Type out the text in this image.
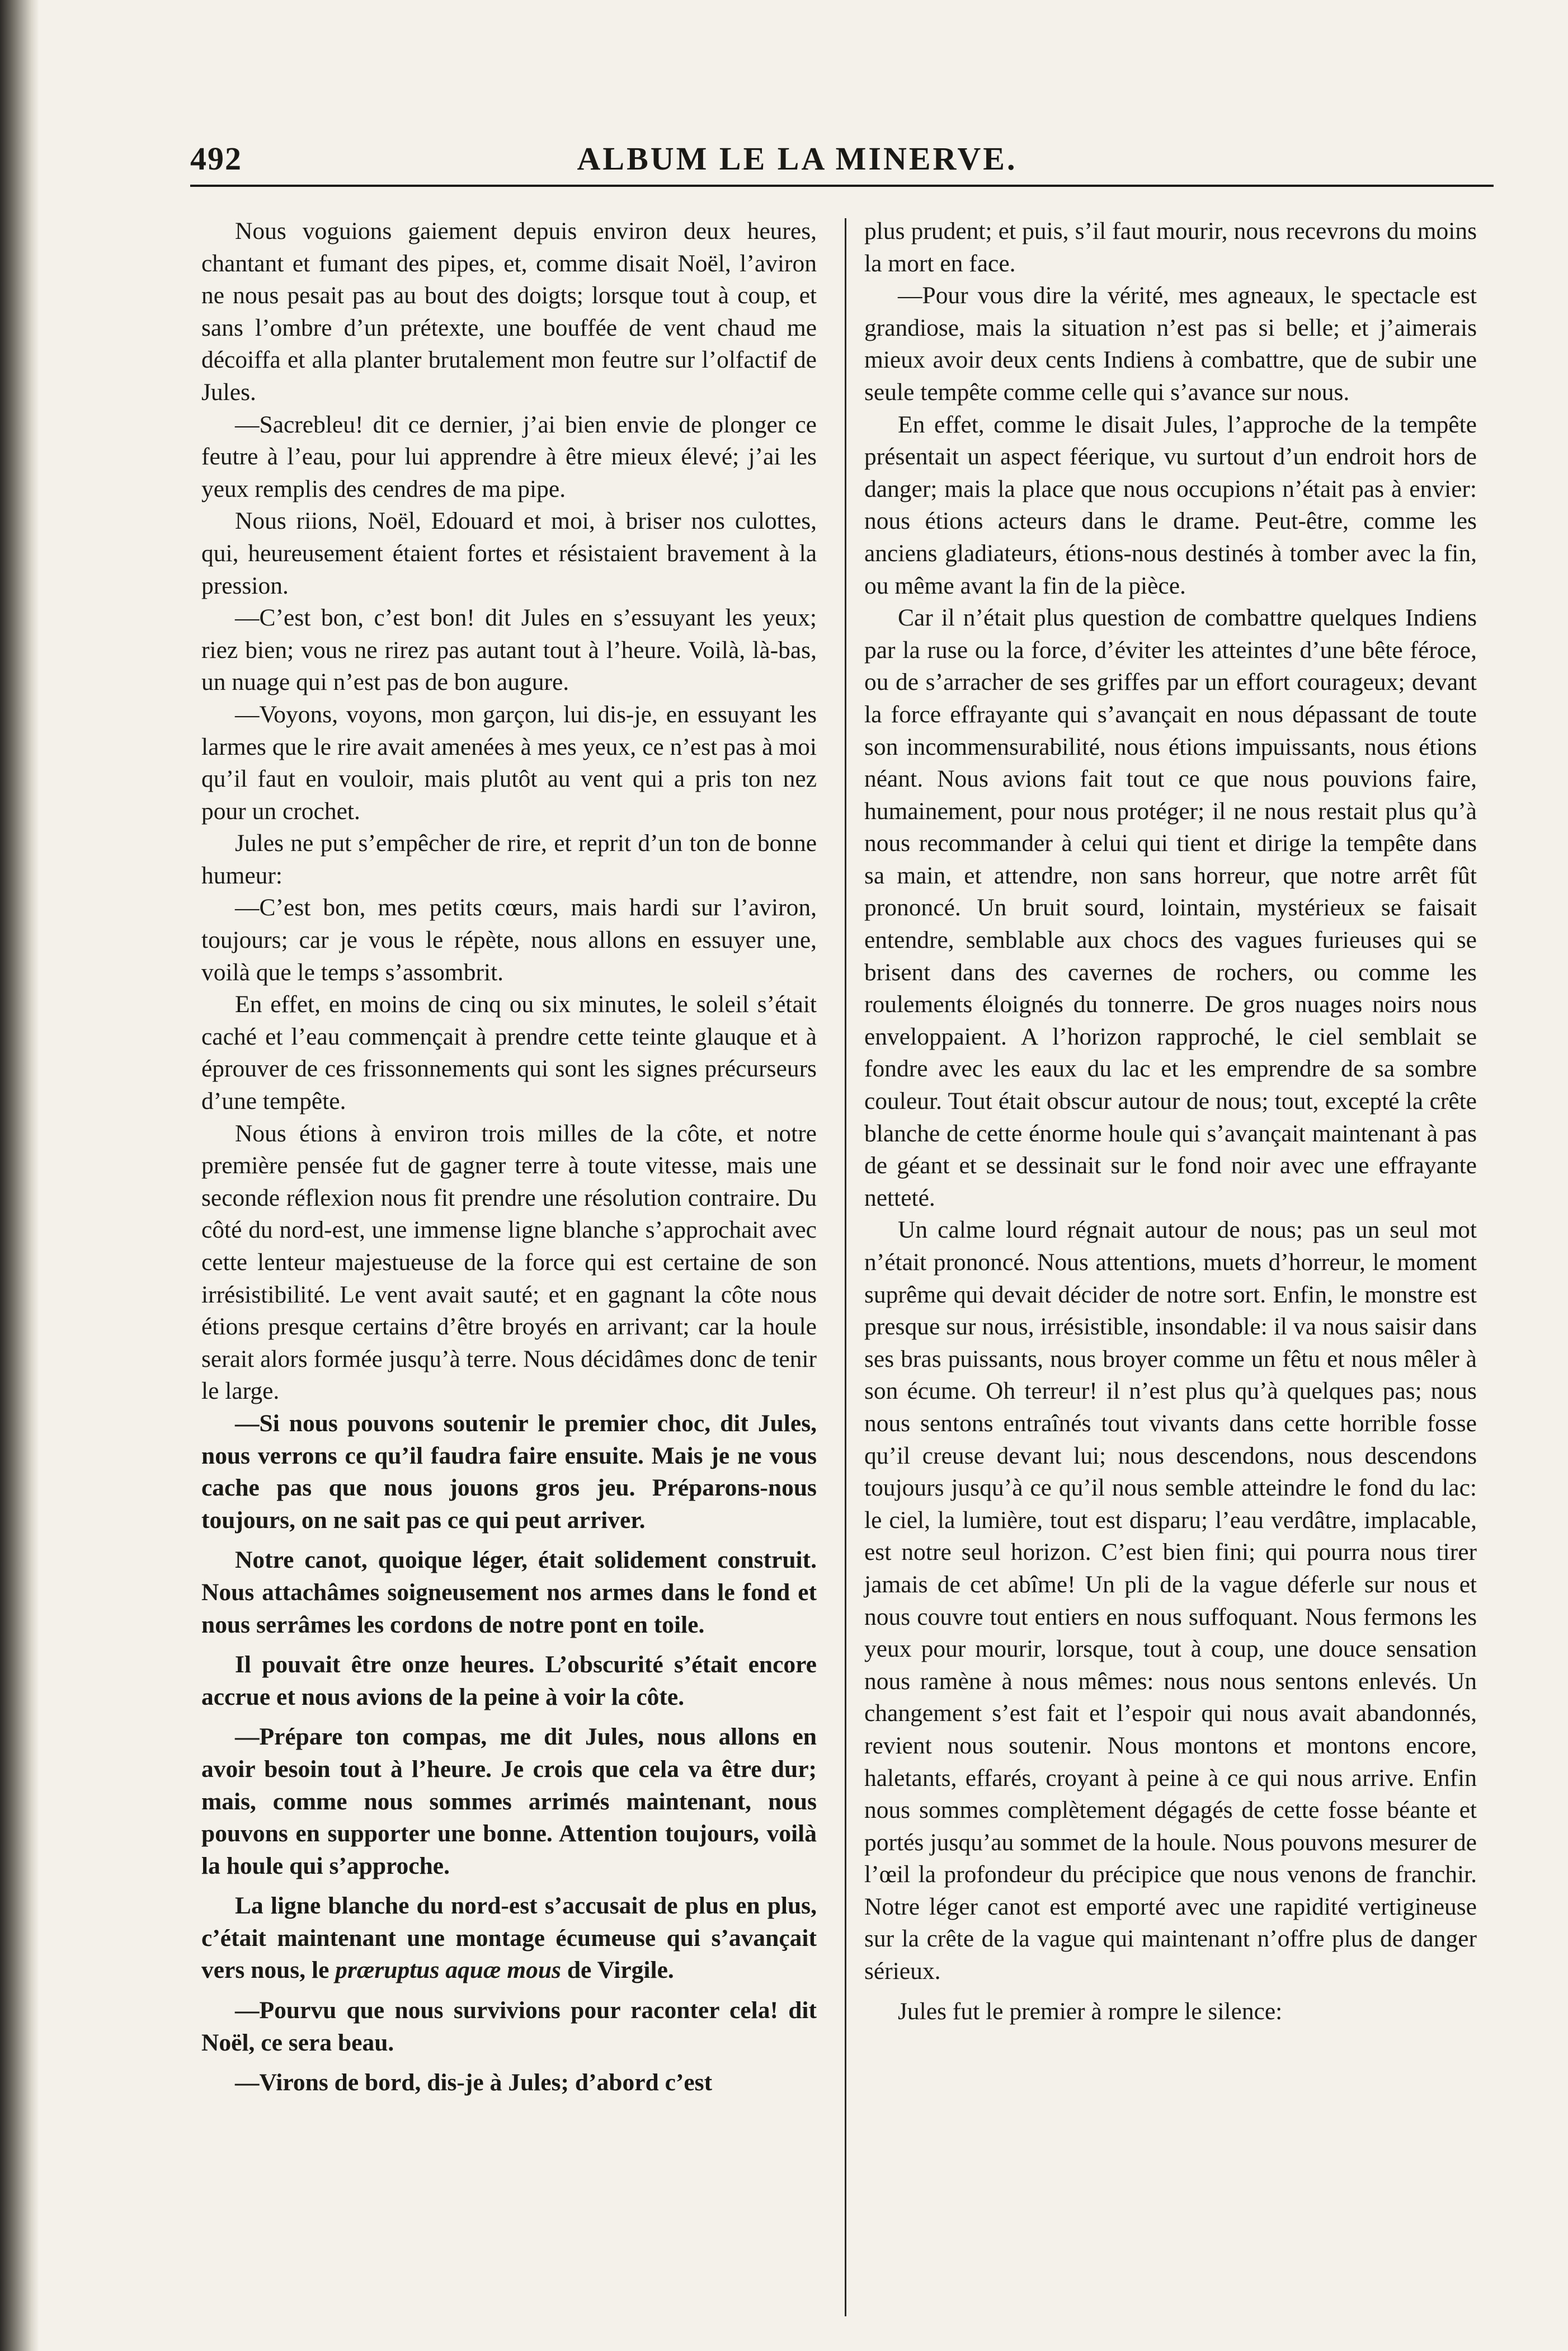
492	ALBUM LE LA MINERVE.

Nous voguions gaiement depuis environ deux heures, chantant et fumant des pipes, et, comme disait Noël, l’aviron ne nous pesait pas au bout des doigts; lorsque tout à coup, et sans l’ombre d’un prétexte, une bouffée de vent chaud me décoiffa et alla planter brutalement mon feutre sur l’olfactif de Jules.

—Sacrebleu! dit ce dernier, j’ai bien envie de plonger ce feutre à l’eau, pour lui apprendre à être mieux élevé; j’ai les yeux remplis des cendres de ma pipe.

Nous riions, Noël, Edouard et moi, à briser nos culottes, qui, heureusement étaient fortes et résistaient bravement à la pression.

—C’est bon, c’est bon! dit Jules en s’essuyant les yeux; riez bien; vous ne rirez pas autant tout à l’heure. Voilà, là-bas, un nuage qui n’est pas de bon augure.

—Voyons, voyons, mon garçon, lui dis-je, en essuyant les larmes que le rire avait amenées à mes yeux, ce n’est pas à moi qu’il faut en vouloir, mais plutôt au vent qui a pris ton nez pour un crochet.

Jules ne put s’empêcher de rire, et reprit d’un ton de bonne humeur:

—C’est bon, mes petits cœurs, mais hardi sur l’aviron, toujours; car je vous le répète, nous allons en essuyer une, voilà que le temps s’assombrit.

En effet, en moins de cinq ou six minutes, le soleil s’était caché et l’eau commençait à prendre cette teinte glauque et à éprouver de ces frissonnements qui sont les signes précurseurs d’une tempête.

Nous étions à environ trois milles de la côte, et notre première pensée fut de gagner terre à toute vitesse, mais une seconde réflexion nous fit prendre une résolution contraire. Du côté du nord-est, une immense ligne blanche s’approchait avec cette lenteur majestueuse de la force qui est certaine de son irrésistibilité. Le vent avait sauté; et en gagnant la côte nous étions presque certains d’être broyés en arrivant; car la houle serait alors formée jusqu’à terre. Nous décidâmes donc de tenir le large.

—Si nous pouvons soutenir le premier choc, dit Jules, nous verrons ce qu’il faudra faire ensuite. Mais je ne vous cache pas que nous jouons gros jeu. Préparons-nous toujours, on ne sait pas ce qui peut arriver.

Notre canot, quoique léger, était solidement construit. Nous attachâmes soigneusement nos armes dans le fond et nous serrâmes les cordons de notre pont en toile.

Il pouvait être onze heures. L’obscurité s’était encore accrue et nous avions de la peine à voir la côte.

—Prépare ton compas, me dit Jules, nous allons en avoir besoin tout à l’heure. Je crois que cela va être dur; mais, comme nous sommes arrimés maintenant, nous pouvons en supporter une bonne. Attention toujours, voilà la houle qui s’approche.

La ligne blanche du nord-est s’accusait de plus en plus, c’était maintenant une montage écumeuse qui s’avançait vers nous, le præruptus aquæ mous de Virgile.

—Pourvu que nous survivions pour raconter cela! dit Noël, ce sera beau.

—Virons de bord, dis-je à Jules; d’abord c’est

plus prudent; et puis, s’il faut mourir, nous recevrons du moins la mort en face.

—Pour vous dire la vérité, mes agneaux, le spectacle est grandiose, mais la situation n’est pas si belle; et j’aimerais mieux avoir deux cents Indiens à combattre, que de subir une seule tempête comme celle qui s’avance sur nous.

En effet, comme le disait Jules, l’approche de la tempête présentait un aspect féerique, vu surtout d’un endroit hors de danger; mais la place que nous occupions n’était pas à envier: nous étions acteurs dans le drame. Peut-être, comme les anciens gladiateurs, étions-nous destinés à tomber avec la fin, ou même avant la fin de la pièce.

Car il n’était plus question de combattre quelques Indiens par la ruse ou la force, d’éviter les atteintes d’une bête féroce, ou de s’arracher de ses griffes par un effort courageux; devant la force effrayante qui s’avançait en nous dépassant de toute son incommensurabilité, nous étions impuissants, nous étions néant. Nous avions fait tout ce que nous pouvions faire, humainement, pour nous protéger; il ne nous restait plus qu’à nous recommander à celui qui tient et dirige la tempête dans sa main, et attendre, non sans horreur, que notre arrêt fût prononcé. Un bruit sourd, lointain, mystérieux se faisait entendre, semblable aux chocs des vagues furieuses qui se brisent dans des cavernes de rochers, ou comme les roulements éloignés du tonnerre. De gros nuages noirs nous enveloppaient. A l’horizon rapproché, le ciel semblait se fondre avec les eaux du lac et les emprendre de sa sombre couleur. Tout était obscur autour de nous; tout, excepté la crête blanche de cette énorme houle qui s’avançait maintenant à pas de géant et se dessinait sur le fond noir avec une effrayante netteté.

Un calme lourd régnait autour de nous; pas un seul mot n’était prononcé. Nous attentions, muets d’horreur, le moment suprême qui devait décider de notre sort. Enfin, le monstre est presque sur nous, irrésistible, insondable: il va nous saisir dans ses bras puissants, nous broyer comme un fêtu et nous mêler à son écume. Oh terreur! il n’est plus qu’à quelques pas; nous nous sentons entraînés tout vivants dans cette horrible fosse qu’il creuse devant lui; nous descendons, nous descendons toujours jusqu’à ce qu’il nous semble atteindre le fond du lac: le ciel, la lumière, tout est disparu; l’eau verdâtre, implacable, est notre seul horizon. C’est bien fini; qui pourra nous tirer jamais de cet abîme! Un pli de la vague déferle sur nous et nous couvre tout entiers en nous suffoquant. Nous fermons les yeux pour mourir, lorsque, tout à coup, une douce sensation nous ramène à nous mêmes: nous nous sentons enlevés. Un changement s’est fait et l’espoir qui nous avait abandonnés, revient nous soutenir. Nous montons et montons encore, haletants, effarés, croyant à peine à ce qui nous arrive. Enfin nous sommes complètement dégagés de cette fosse béante et portés jusqu’au sommet de la houle. Nous pouvons mesurer de l’œil la profondeur du précipice que nous venons de franchir. Notre léger canot est emporté avec une rapidité vertigineuse sur la crête de la vague qui maintenant n’offre plus de danger sérieux.

Jules fut le premier à rompre le silence:
